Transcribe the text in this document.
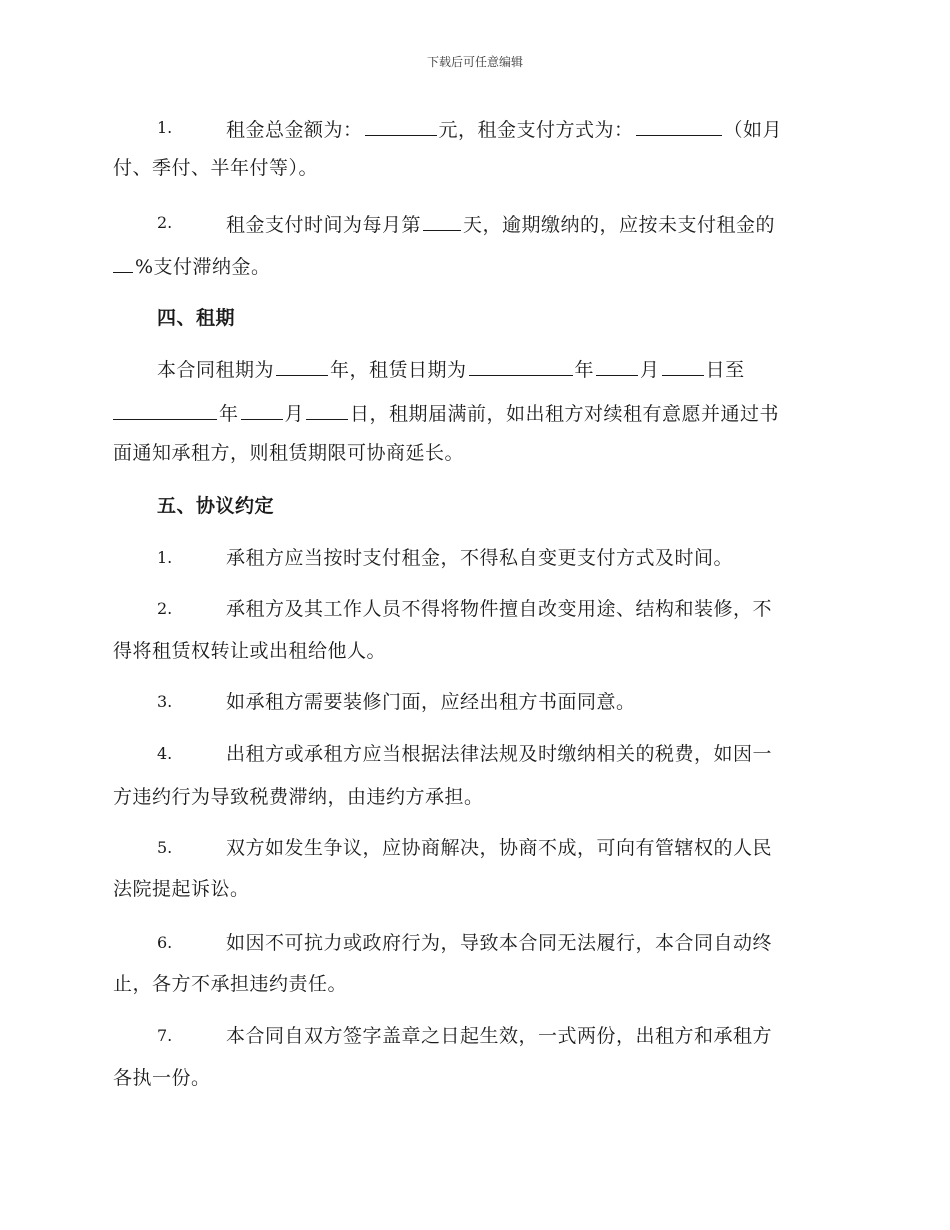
下载后可任意编辑
1.	租金总金额为：	元，租金支付方式为：	（如月
付、季付、半年付等）。
2.	租金支付时间为每月第 天，逾期缴纳的，应按未支付租金的
%支付滞纳金。
四、租期
本合同租期为	年，租赁日期为	年 月 日至
年 月 日，租期届满前，如出租方对续租有意愿并通过书
面通知承租方，则租赁期限可协商延长。
五、协议约定
1.	承租方应当按时支付租金，不得私自变更支付方式及时间。
2.	承租方及其工作人员不得将物件擅自改变用途、结构和装修，不
得将租赁权转让或出租给他人。
3.	如承租方需要装修门面，应经出租方书面同意。
4.	出租方或承租方应当根据法律法规及时缴纳相关的税费，如因一
方违约行为导致税费滞纳，由违约方承担。
5.	双方如发生争议，应协商解决，协商不成，可向有管辖权的人民
法院提起诉讼。
6.	如因不可抗力或政府行为，导致本合同无法履行，本合同自动终
止，各方不承担违约责任。
7.	本合同自双方签字盖章之日起生效，一式两份，出租方和承租方
各执一份。
